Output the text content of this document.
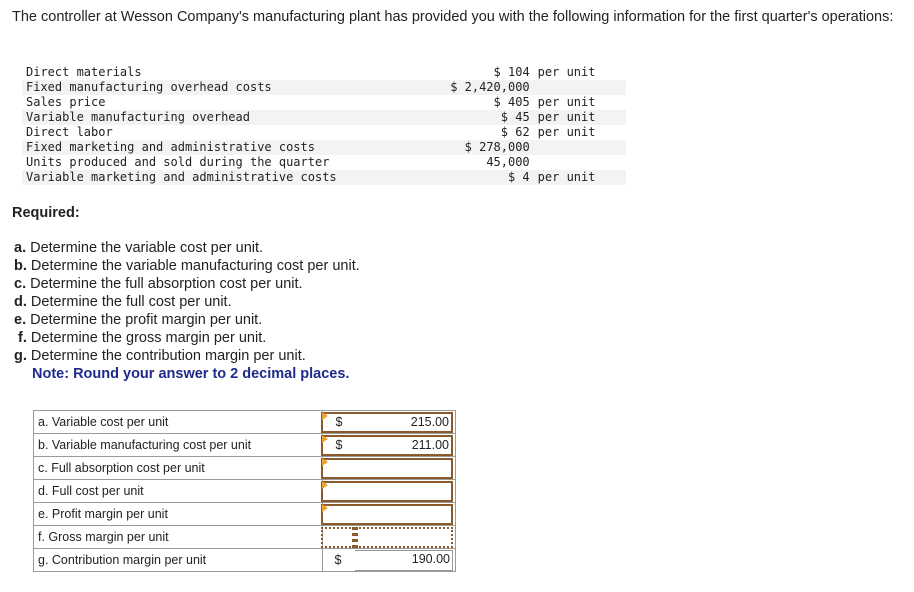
The controller at Wesson Company's manufacturing plant has provided you with the following information for the first quarter's operations:
Direct materials	$ 104	per unit
Fixed manufacturing overhead costs	$ 2,420,000	
Sales price	$ 405	per unit
Variable manufacturing overhead	$ 45	per unit
Direct labor	$ 62	per unit
Fixed marketing and administrative costs	$ 278,000	
Units produced and sold during the quarter	45,000	
Variable marketing and administrative costs	$ 4	per unit
Required:
a. Determine the variable cost per unit.
b. Determine the variable manufacturing cost per unit.
c. Determine the full absorption cost per unit.
d. Determine the full cost per unit.
e. Determine the profit margin per unit.
f. Determine the gross margin per unit.
g. Determine the contribution margin per unit.
Note: Round your answer to 2 decimal places.
a. Variable cost per unit	$	215.00

b. Variable manufacturing cost per unit	$	211.00

c. Full absorption cost per unit	

d. Full cost per unit	

e. Profit margin per unit	

f. Gross margin per unit	

g. Contribution margin per unit	$	190.00
